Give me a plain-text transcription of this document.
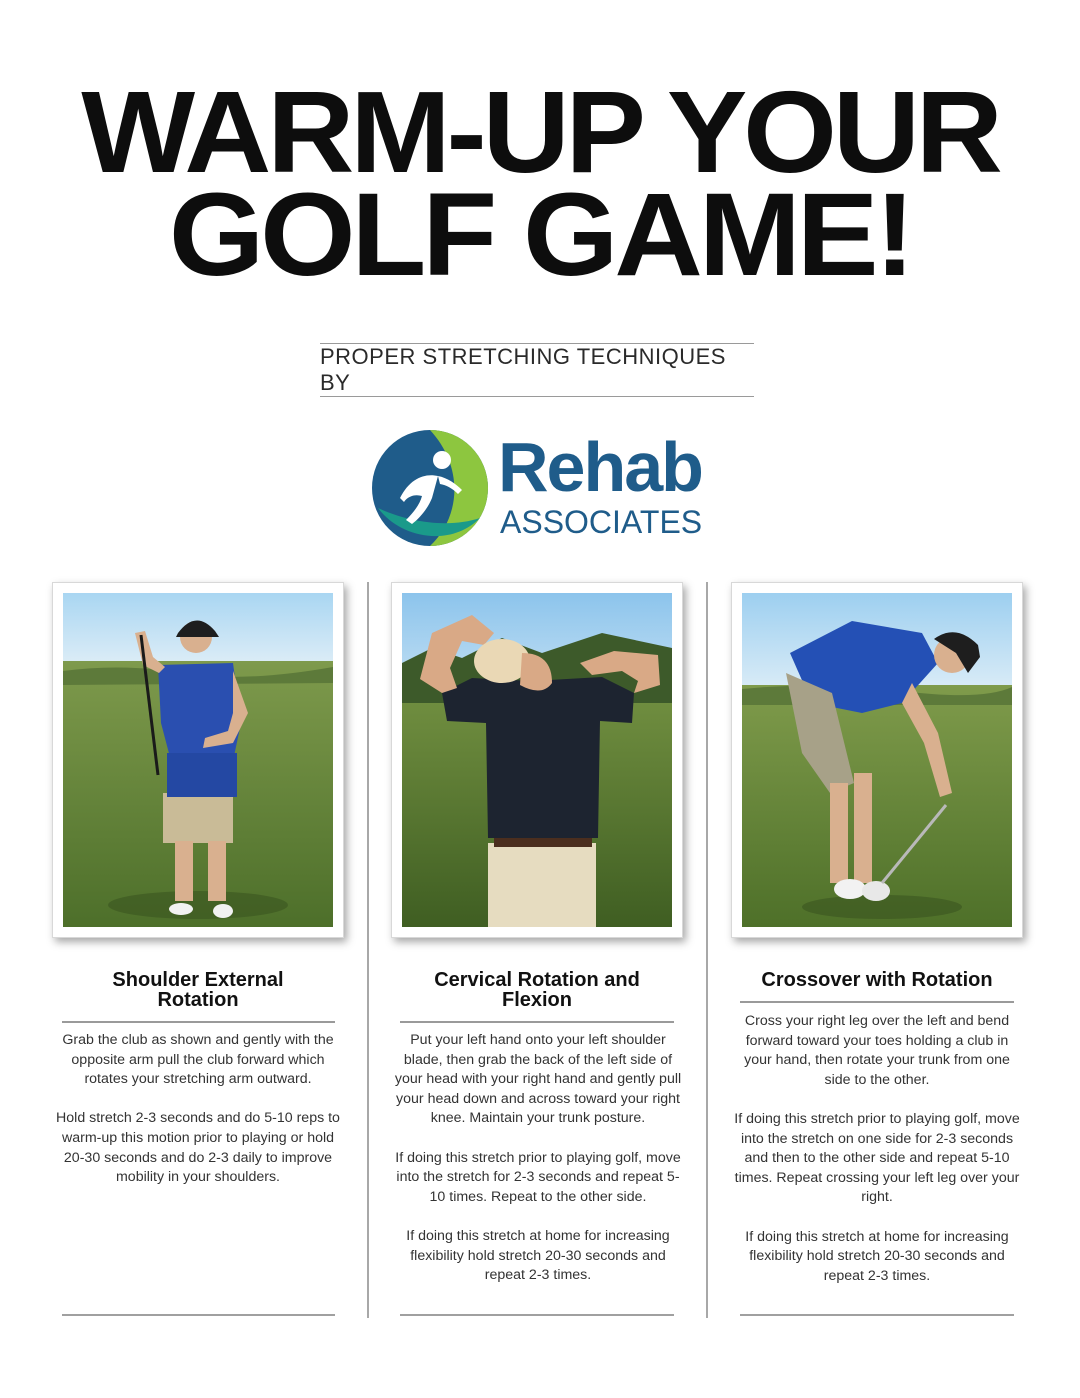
WARM-UP YOUR
GOLF GAME!
PROPER STRETCHING TECHNIQUES BY
Rehab
ASSOCIATES
Shoulder External
Rotation

Grab the club as shown and gently with the opposite arm pull the club forward which rotates your stretching arm outward.

Hold stretch 2-3 seconds and do 5-10 reps to warm-up this motion prior to playing or hold 20-30 seconds and do 2-3 daily to improve mobility in your shoulders.

Cervical Rotation and
Flexion

Put your left hand onto your left shoulder blade, then grab the back of the left side of your head with your right hand and gently pull your head down and across toward your right knee. Maintain your trunk posture.

If doing this stretch prior to playing golf, move into the stretch for 2-3 seconds and repeat 5-10 times. Repeat to the other side.

If doing this stretch at home for increasing flexibility hold stretch 20-30 seconds and repeat 2-3 times.

Crossover with Rotation

Cross your right leg over the left and bend forward toward your toes holding a club in your hand, then rotate your trunk from one side to the other.

If doing this stretch prior to playing golf, move into the stretch on one side for 2-3 seconds and then to the other side and repeat 5-10 times. Repeat crossing your left leg over your right.

If doing this stretch at home for increasing flexibility hold stretch 20-30 seconds and repeat 2-3 times.
